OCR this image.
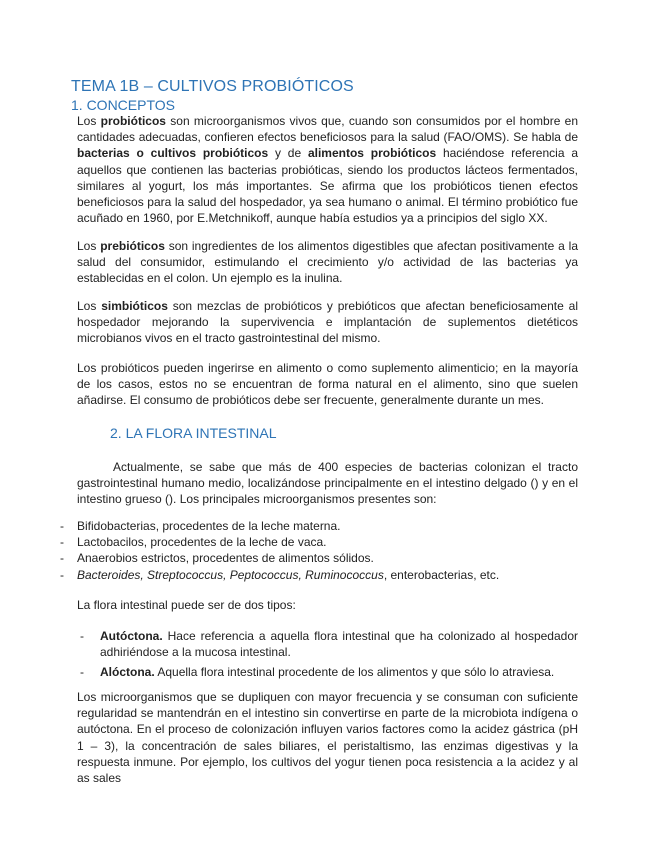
TEMA 1B – CULTIVOS PROBIÓTICOS
1. CONCEPTOS

Los probióticos son microorganismos vivos que, cuando son consumidos por el hombre en cantidades adecuadas, confieren efectos beneficiosos para la salud (FAO/OMS). Se habla de bacterias o cultivos probióticos y de alimentos probióticos haciéndose referencia a aquellos que contienen las bacterias probióticas, siendo los productos lácteos fermentados, similares al yogurt, los más importantes. Se afirma que los probióticos tienen efectos beneficiosos para la salud del hospedador, ya sea humano o animal. El término probiótico fue acuñado en 1960, por E.Metchnikoff, aunque había estudios ya a principios del siglo XX.

Los prebióticos son ingredientes de los alimentos digestibles que afectan positivamente a la salud del consumidor, estimulando el crecimiento y/o actividad de las bacterias ya establecidas en el colon. Un ejemplo es la inulina.

Los simbióticos son mezclas de probióticos y prebióticos que afectan beneficiosamente al hospedador mejorando la supervivencia e implantación de suplementos dietéticos microbianos vivos en el tracto gastrointestinal del mismo.

Los probióticos pueden ingerirse en alimento o como suplemento alimenticio; en la mayoría de los casos, estos no se encuentran de forma natural en el alimento, sino que suelen añadirse. El consumo de probióticos debe ser frecuente, generalmente durante un mes.

2. LA FLORA INTESTINAL

Actualmente, se sabe que más de 400 especies de bacterias colonizan el tracto gastrointestinal humano medio, localizándose principalmente en el intestino delgado () y en el intestino grueso (). Los principales microorganismos presentes son:

- Bifidobacterias, procedentes de la leche materna.
- Lactobacilos, procedentes de la leche de vaca.
- Anaerobios estrictos, procedentes de alimentos sólidos.
- Bacteroides, Streptococcus, Peptococcus, Ruminococcus, enterobacterias, etc.

La flora intestinal puede ser de dos tipos:

- Autóctona. Hace referencia a aquella flora intestinal que ha colonizado al hospedador adhiriéndose a la mucosa intestinal.
- Alóctona. Aquella flora intestinal procedente de los alimentos y que sólo lo atraviesa.

Los microorganismos que se dupliquen con mayor frecuencia y se consuman con suficiente regularidad se mantendrán en el intestino sin convertirse en parte de la microbiota indígena o autóctona. En el proceso de colonización influyen varios factores como la acidez gástrica (pH 1 – 3), la concentración de sales biliares, el peristaltismo, las enzimas digestivas y la respuesta inmune. Por ejemplo, los cultivos del yogur tienen poca resistencia a la acidez y al as sales
